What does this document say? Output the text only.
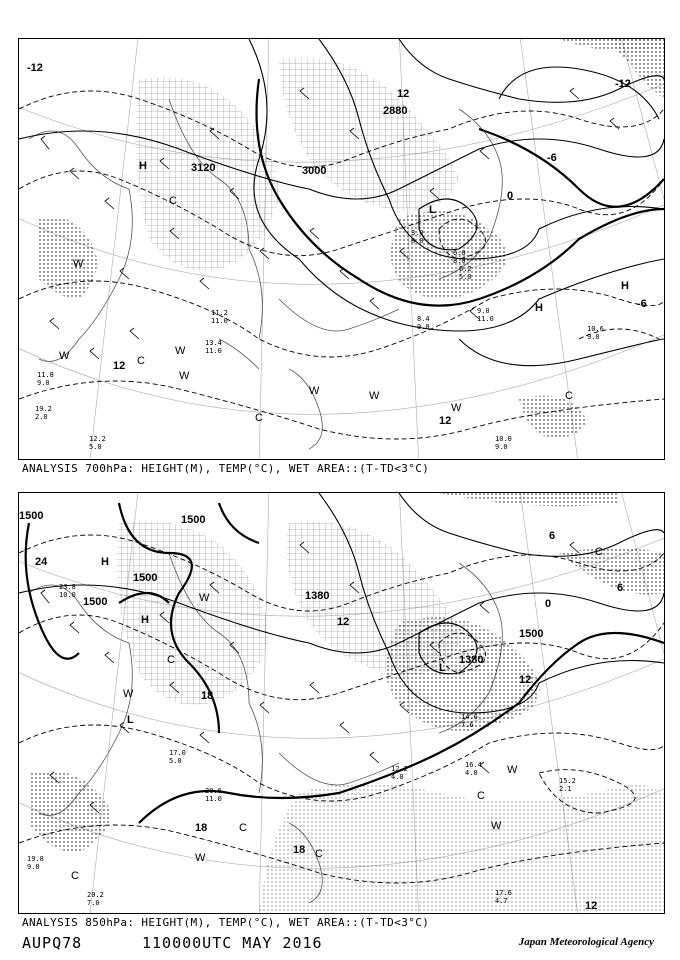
3120	3000
2880
-12
-12
12
-6
-6
0
12
12
H
L
H
H
C
C
C
C
W
W	W
W
W	W
W
6.0
8.0
11.8
9.0
10.0
9.0
10.6
9.0
9.0
11.0
6.2
5.0
8.4
9.0
3.0
8.0
12.2
5.0
19.2
2.0
11.2
11.0
13.4
11.0
ANALYSIS 700hPa: HEIGHT(M), TEMP(°C), WET AREA::(T-TD<3°C)
1500	1500
1500
1500
1500
1380
1380
24
18
18
18
12
12
12
6
6
0
H
H
L
L
C
C
C
C
C
C
W
W
W
W
W
16.4
4.0
15.2
2.1
17.6
4.7
20.2
7.0
19.8
9.0
14.6
7.6
12.2
4.0
20.6
11.0
17.0
5.0
23.8
10.0
ANALYSIS 850hPa: HEIGHT(M), TEMP(°C), WET AREA::(T-TD<3°C)
AUPQ78	110000UTC MAY 2016	Japan Meteorological Agency
